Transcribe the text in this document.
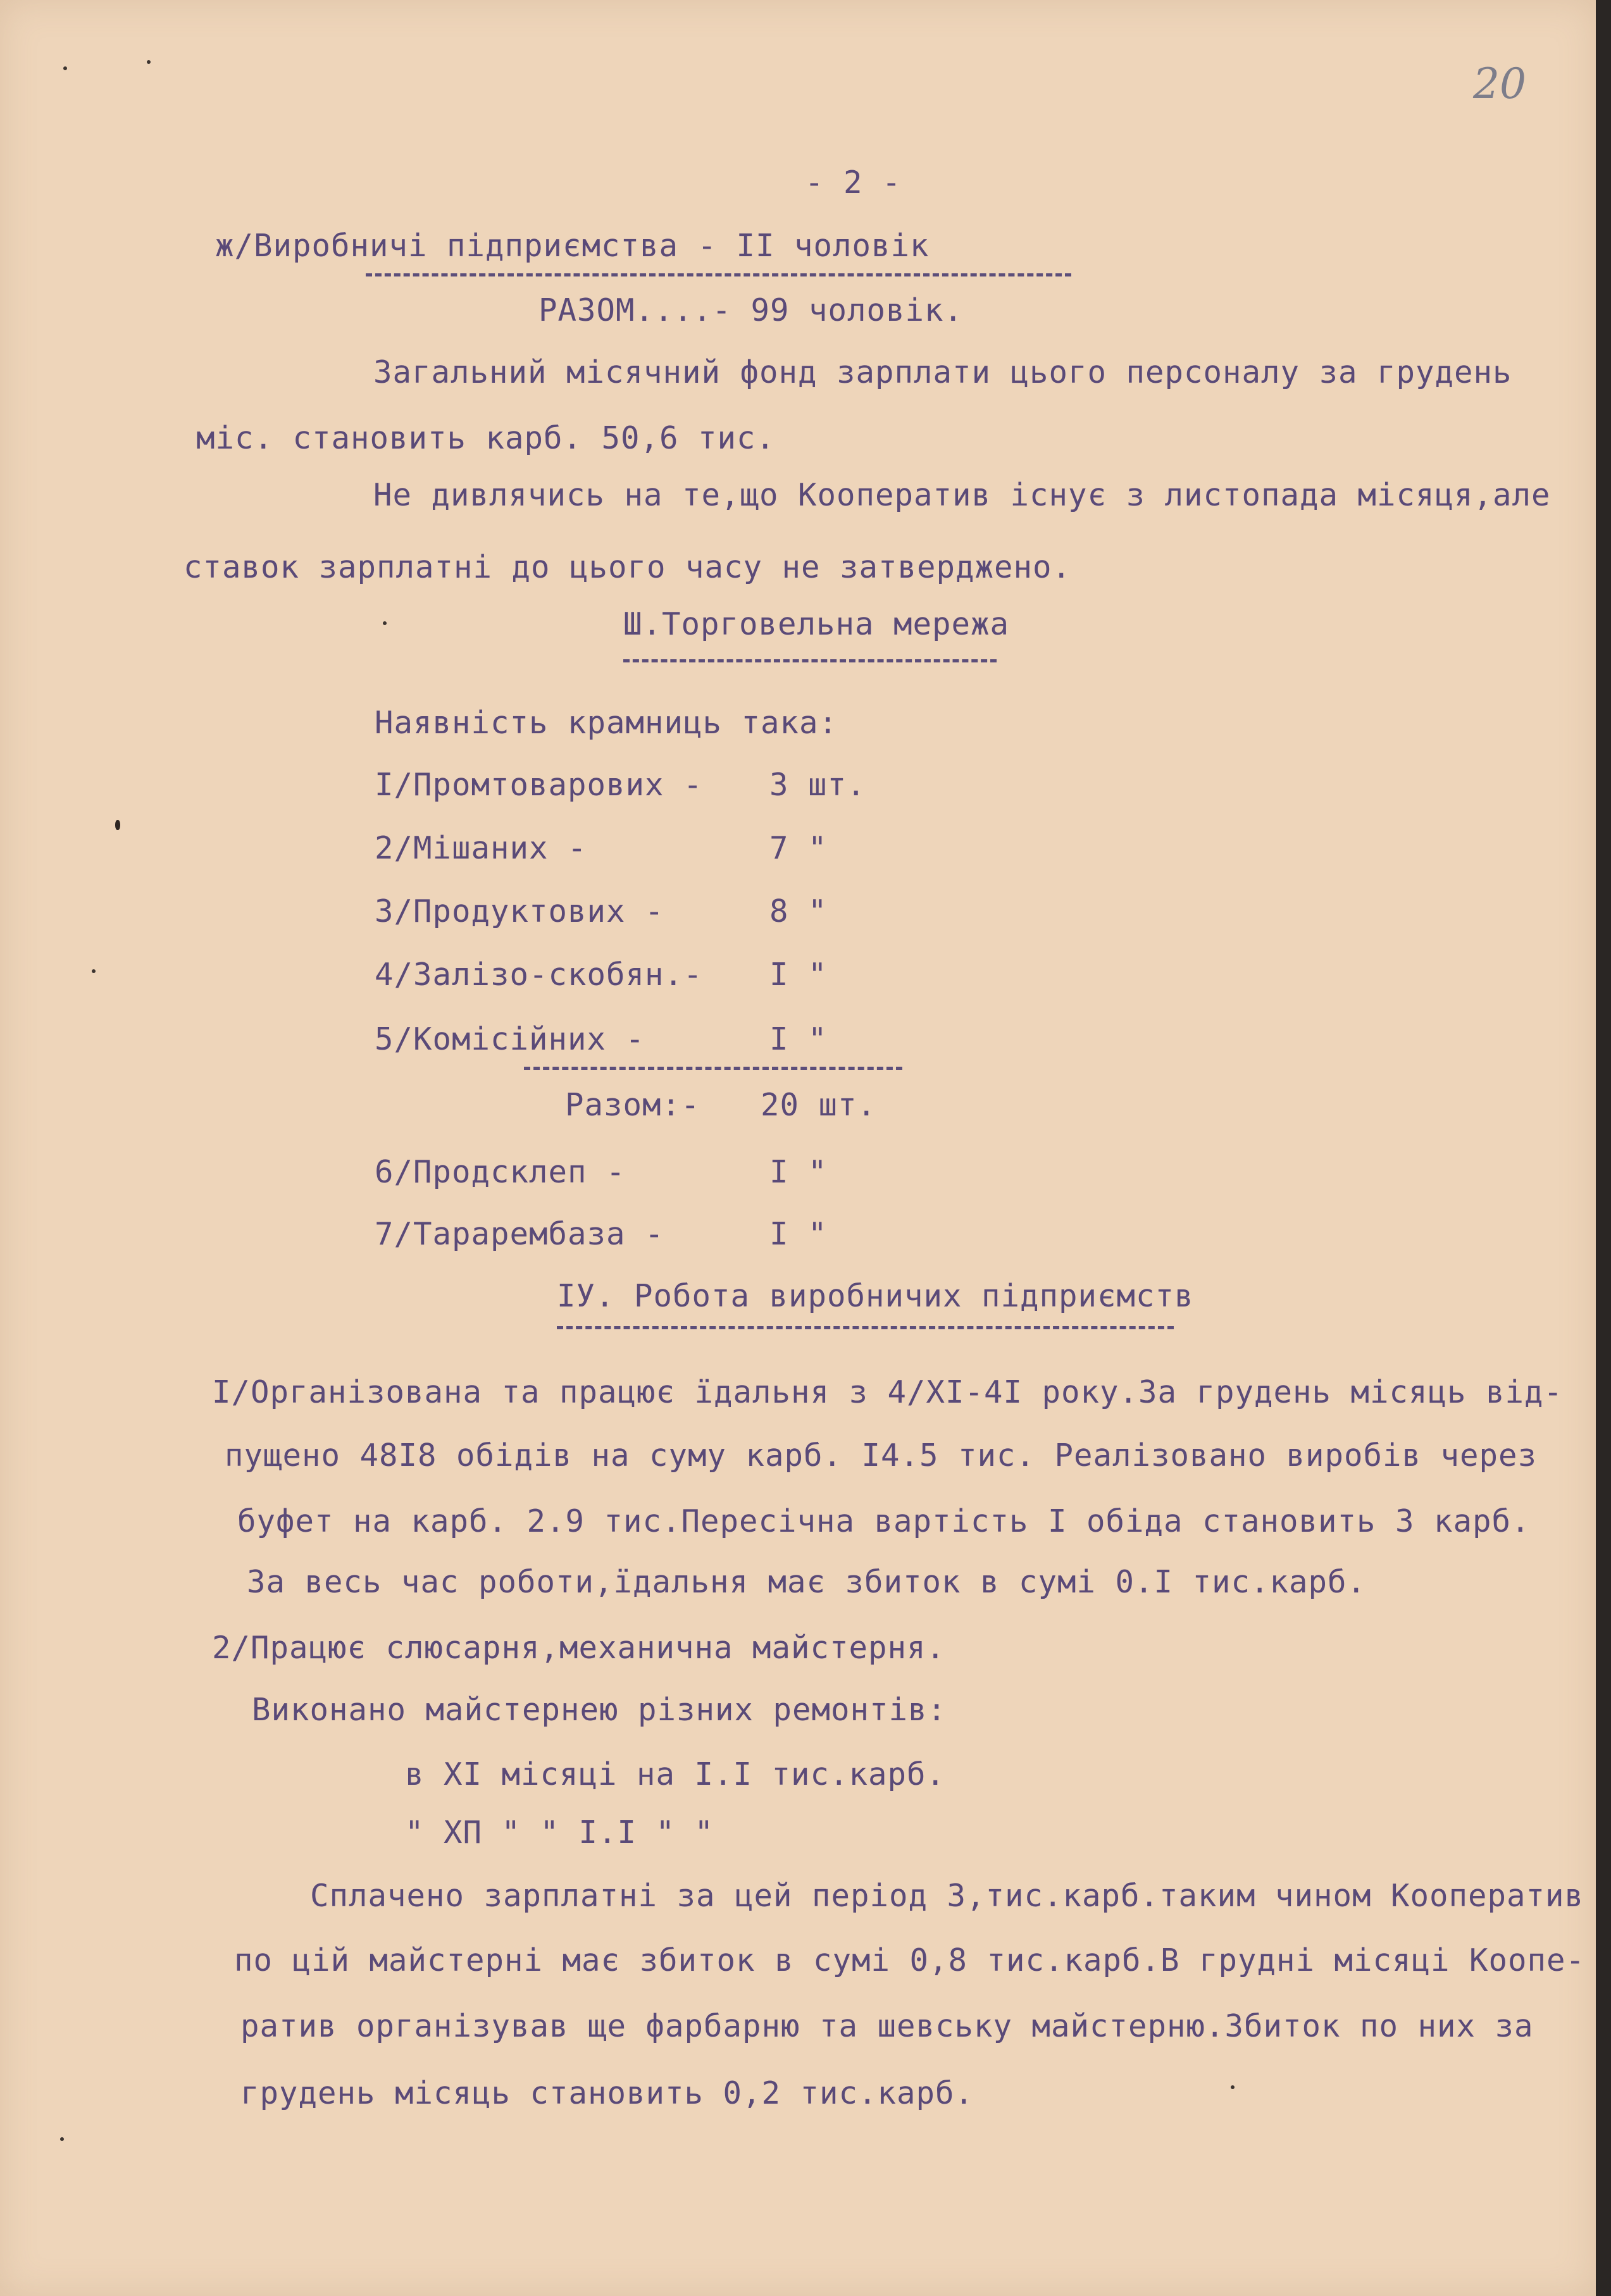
20
- 2 -
ж/Виробничі підприємства - II чоловік
РАЗОМ....- 99 чоловік.
Загальний місячний фонд зарплати цього персоналу за грудень
міс. становить карб. 50,6 тис.
Не дивлячись на те,що Кооператив існує з листопада місяця,але
ставок зарплатні до цього часу не затверджено.
Ш.Торговельна мережа
Наявність крамниць така:
I/Промтоварових - 3 шт.
2/Мішаних -	7 "
3/Продуктових -	8 "
4/Залізо-скобян.- I "
5/Комісійних -	I "
Разом:- 20 шт.
6/Продсклеп -	I "
7/Тарарембаза -	I "
IУ. Робота виробничих підприємств
I/Організована та працює їдальня з 4/XI-4I року.За грудень місяць від-
пущено 48I8 обідів на суму карб. I4.5 тис. Реалізовано виробів через
буфет на карб. 2.9 тис.Пересічна вартість I обіда становить 3 карб.
За весь час роботи,їдальня має збиток в сумі 0.I тис.карб.
2/Працює слюсарня,механична майстерня.
Виконано майстернею різних ремонтів:
в XI місяці на I.I тис.карб.
" XП " " I.I " "
Сплачено зарплатні за цей період 3,тис.карб.таким чином Кооператив
по цій майстерні має збиток в сумі 0,8 тис.карб.В грудні місяці Коопе-
ратив організував ще фарбарню та шевську майстерню.Збиток по них за
грудень місяць становить 0,2 тис.карб.
